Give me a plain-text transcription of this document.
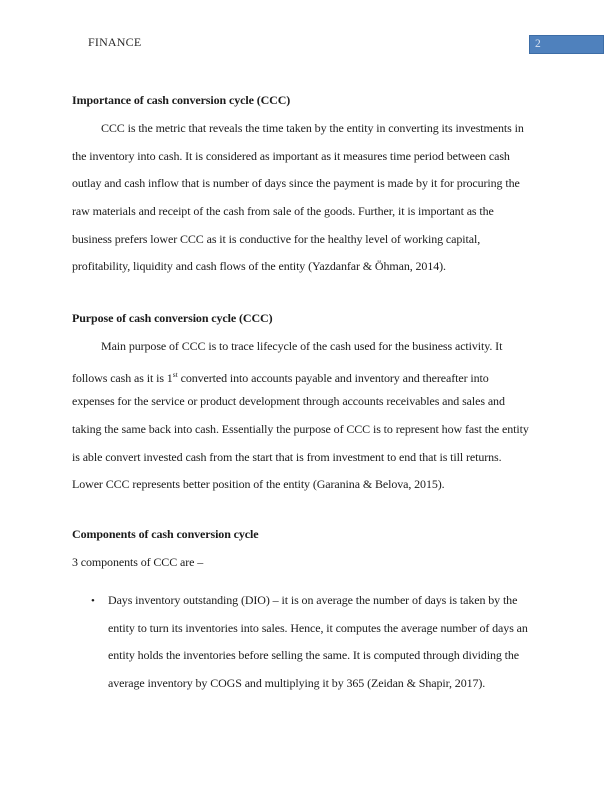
FINANCE	2
Importance of cash conversion cycle (CCC)
CCC is the metric that reveals the time taken by the entity in converting its investments in
the inventory into cash. It is considered as important as it measures time period between cash
outlay and cash inflow that is number of days since the payment is made by it for procuring the
raw materials and receipt of the cash from sale of the goods. Further, it is important as the
business prefers lower CCC as it is conductive for the healthy level of working capital,
profitability, liquidity and cash flows of the entity (Yazdanfar & Öhman, 2014).
Purpose of cash conversion cycle (CCC)
Main purpose of CCC is to trace lifecycle of the cash used for the business activity. It
follows cash as it is 1st converted into accounts payable and inventory and thereafter into
expenses for the service or product development through accounts receivables and sales and
taking the same back into cash. Essentially the purpose of CCC is to represent how fast the entity
is able convert invested cash from the start that is from investment to end that is till returns.
Lower CCC represents better position of the entity (Garanina & Belova, 2015).
Components of cash conversion cycle
3 components of CCC are –
• Days inventory outstanding (DIO) – it is on average the number of days is taken by the
entity to turn its inventories into sales. Hence, it computes the average number of days an
entity holds the inventories before selling the same. It is computed through dividing the
average inventory by COGS and multiplying it by 365 (Zeidan & Shapir, 2017).
